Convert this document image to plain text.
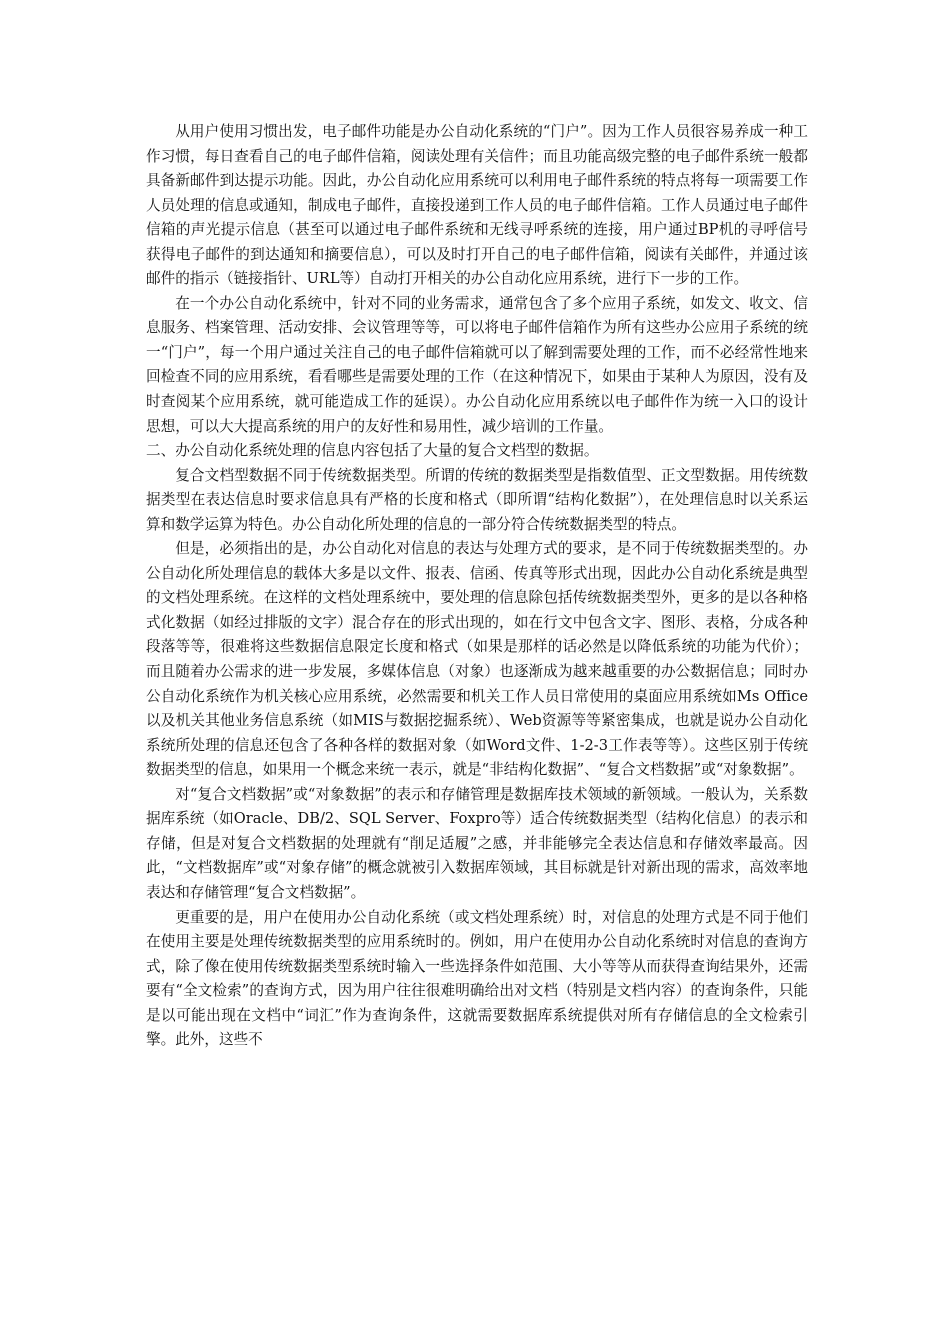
从用户使用习惯出发，电子邮件功能是办公自动化系统的“门户”。因为工作人员很容易养成一种工作习惯，每日查看自己的电子邮件信箱，阅读处理有关信件；而且功能高级完整的电子邮件系统一般都具备新邮件到达提示功能。因此，办公自动化应用系统可以利用电子邮件系统的特点将每一项需要工作人员处理的信息或通知，制成电子邮件，直接投递到工作人员的电子邮件信箱。工作人员通过电子邮件信箱的声光提示信息（甚至可以通过电子邮件系统和无线寻呼系统的连接，用户通过BP机的寻呼信号获得电子邮件的到达通知和摘要信息），可以及时打开自己的电子邮件信箱，阅读有关邮件，并通过该邮件的指示（链接指针、URL等）自动打开相关的办公自动化应用系统，进行下一步的工作。

在一个办公自动化系统中，针对不同的业务需求，通常包含了多个应用子系统，如发文、收文、信息服务、档案管理、活动安排、会议管理等等，可以将电子邮件信箱作为所有这些办公应用子系统的统一“门户”，每一个用户通过关注自己的电子邮件信箱就可以了解到需要处理的工作，而不必经常性地来回检查不同的应用系统，看看哪些是需要处理的工作（在这种情况下，如果由于某种人为原因，没有及时查阅某个应用系统，就可能造成工作的延误）。办公自动化应用系统以电子邮件作为统一入口的设计思想，可以大大提高系统的用户的友好性和易用性，减少培训的工作量。

二、办公自动化系统处理的信息内容包括了大量的复合文档型的数据。

复合文档型数据不同于传统数据类型。所谓的传统的数据类型是指数值型、正文型数据。用传统数据类型在表达信息时要求信息具有严格的长度和格式（即所谓“结构化数据”），在处理信息时以关系运算和数学运算为特色。办公自动化所处理的信息的一部分符合传统数据类型的特点。

但是，必须指出的是，办公自动化对信息的表达与处理方式的要求，是不同于传统数据类型的。办公自动化所处理信息的载体大多是以文件、报表、信函、传真等形式出现，因此办公自动化系统是典型的文档处理系统。在这样的文档处理系统中，要处理的信息除包括传统数据类型外，更多的是以各种格式化数据（如经过排版的文字）混合存在的形式出现的，如在行文中包含文字、图形、表格，分成各种段落等等，很难将这些数据信息限定长度和格式（如果是那样的话必然是以降低系统的功能为代价）；而且随着办公需求的进一步发展，多媒体信息（对象）也逐渐成为越来越重要的办公数据信息；同时办公自动化系统作为机关核心应用系统，必然需要和机关工作人员日常使用的桌面应用系统如Ms Office以及机关其他业务信息系统（如MIS与数据挖掘系统）、Web资源等等紧密集成，也就是说办公自动化系统所处理的信息还包含了各种各样的数据对象（如Word文件、1-2-3工作表等等）。这些区别于传统数据类型的信息，如果用一个概念来统一表示，就是“非结构化数据”、“复合文档数据”或“对象数据”。

对“复合文档数据”或“对象数据”的表示和存储管理是数据库技术领域的新领域。一般认为，关系数据库系统（如Oracle、DB/2、SQL Server、Foxpro等）适合传统数据类型（结构化信息）的表示和存储，但是对复合文档数据的处理就有“削足适履”之感，并非能够完全表达信息和存储效率最高。因此，“文档数据库”或“对象存储”的概念就被引入数据库领域，其目标就是针对新出现的需求，高效率地表达和存储管理“复合文档数据”。

更重要的是，用户在使用办公自动化系统（或文档处理系统）时，对信息的处理方式是不同于他们在使用主要是处理传统数据类型的应用系统时的。例如，用户在使用办公自动化系统时对信息的查询方式，除了像在使用传统数据类型系统时输入一些选择条件如范围、大小等等从而获得查询结果外，还需要有“全文检索”的查询方式，因为用户往往很难明确给出对文档（特别是文档内容）的查询条件，只能是以可能出现在文档中“词汇”作为查询条件，这就需要数据库系统提供对所有存储信息的全文检索引擎。此外，这些不
